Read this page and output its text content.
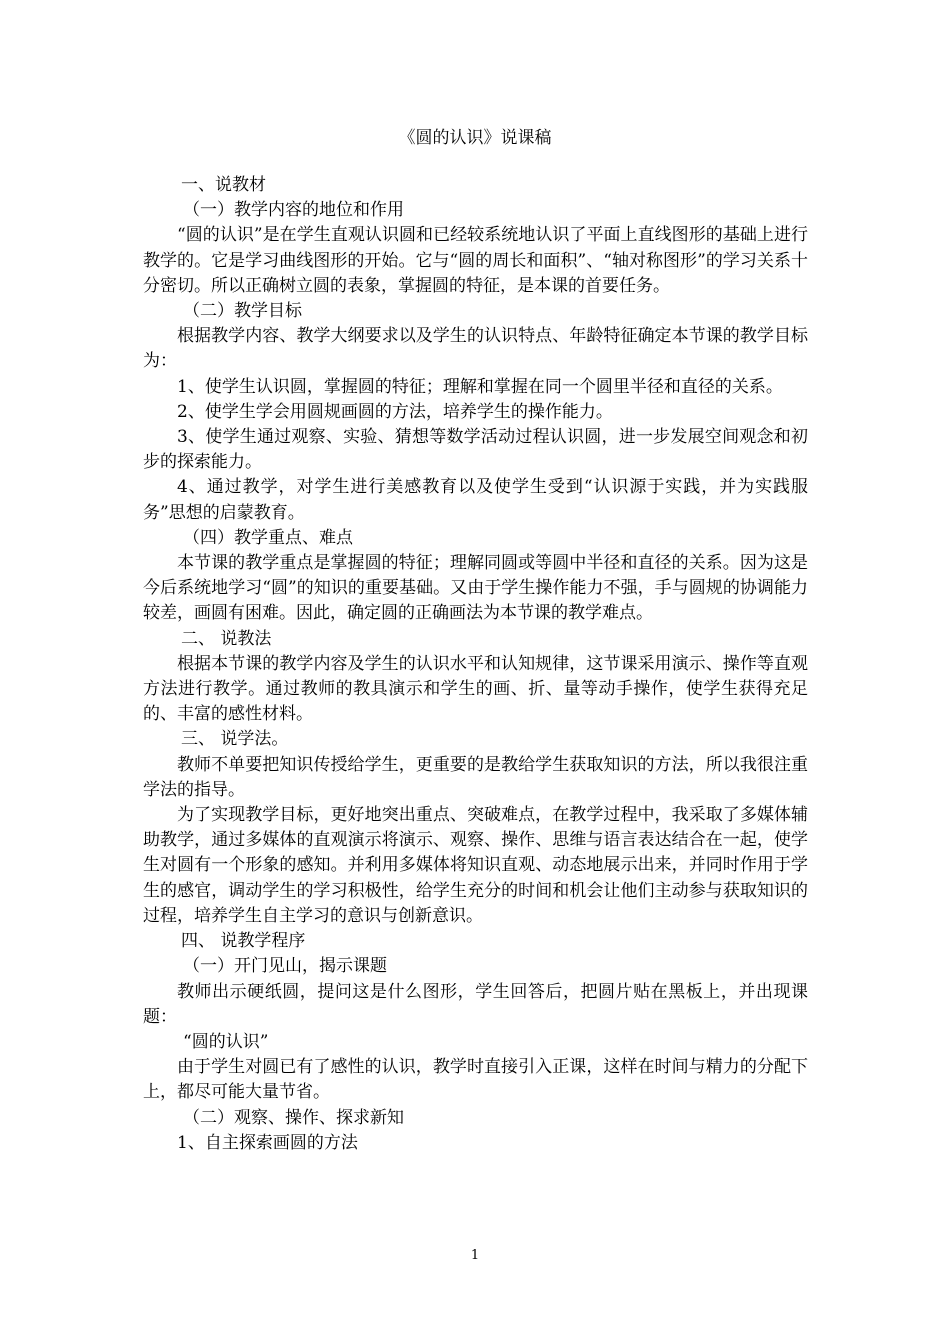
《圆的认识》说课稿

一、说教材

（一）教学内容的地位和作用

“圆的认识”是在学生直观认识圆和已经较系统地认识了平面上直线图形的基础上进行教学的。它是学习曲线图形的开始。它与“圆的周长和面积”、“轴对称图形”的学习关系十分密切。所以正确树立圆的表象，掌握圆的特征，是本课的首要任务。

（二）教学目标

根据教学内容、教学大纲要求以及学生的认识特点、年龄特征确定本节课的教学目标为：

1、使学生认识圆，掌握圆的特征；理解和掌握在同一个圆里半径和直径的关系。

2、使学生学会用圆规画圆的方法，培养学生的操作能力。

3、使学生通过观察、实验、猜想等数学活动过程认识圆，进一步发展空间观念和初步的探索能力。

4、通过教学，对学生进行美感教育以及使学生受到“认识源于实践，并为实践服务”思想的启蒙教育。

（四）教学重点、难点

本节课的教学重点是掌握圆的特征；理解同圆或等圆中半径和直径的关系。因为这是今后系统地学习“圆”的知识的重要基础。又由于学生操作能力不强，手与圆规的协调能力较差，画圆有困难。因此，确定圆的正确画法为本节课的教学难点。

二、 说教法

根据本节课的教学内容及学生的认识水平和认知规律，这节课采用演示、操作等直观方法进行教学。通过教师的教具演示和学生的画、折、量等动手操作，使学生获得充足的、丰富的感性材料。

三、 说学法。

教师不单要把知识传授给学生，更重要的是教给学生获取知识的方法，所以我很注重学法的指导。

为了实现教学目标，更好地突出重点、突破难点，在教学过程中，我采取了多媒体辅助教学，通过多媒体的直观演示将演示、观察、操作、思维与语言表达结合在一起，使学生对圆有一个形象的感知。并利用多媒体将知识直观、动态地展示出来，并同时作用于学生的感官，调动学生的学习积极性，给学生充分的时间和机会让他们主动参与获取知识的过程，培养学生自主学习的意识与创新意识。

四、 说教学程序

（一）开门见山，揭示课题

教师出示硬纸圆，提问这是什么图形，学生回答后，把圆片贴在黑板上，并出现课题：

“圆的认识”

由于学生对圆已有了感性的认识，教学时直接引入正课，这样在时间与精力的分配下上，都尽可能大量节省。

（二）观察、操作、探求新知

1、自主探索画圆的方法

1
